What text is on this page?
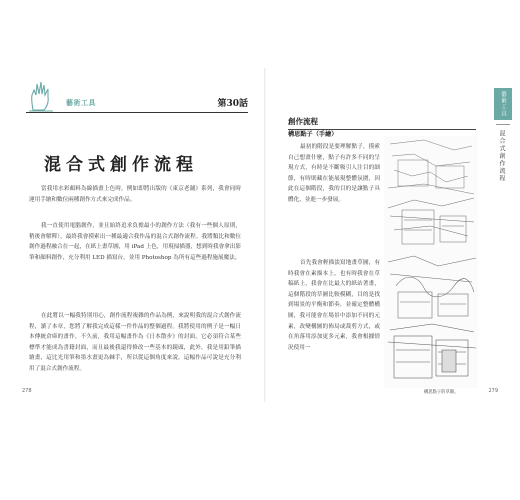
藝術工具	第30話
混合式創作流程
當我用水彩顏料為線描畫上色時，例如即將出版的《東京老舖》系列，我會同時運用手繪和數位兩種創作方式來完成作品。
我一直使用電腦創作，並且始終追求負擔最小的創作方法（我有一些個人原則，稍後會解釋），最終我會摸索出一種最適合我作品的混合式創作流程。我將類比和數位創作過程融合在一起，在紙上畫草圖，用 iPad 上色，用現掃描器，想到時我會拿出影筆和顏料創作，充分利用 LED 描寫台，並用 Photoshop 為所有這些過程施展魔法。
在此將以一幅我特別用心，創作流程複雜的作品為例，來說明我的混合式創作流程，讀了本章，您將了解我完成這樣一件作品的整個過程。我將使用的例子是一幅日本傳統倉庫的畫作，不久前，我用這幅畫作為《日本散步》的封面，它必須符合某些標準才能成為書籍封面，而且最後我還得修改一些基本的鏡頭，此外，我是用鉛筆描繪畫，這比光用筆和墨水畫更為棘手，所以從這個角度來說，這幅作品可說是充分利用了混合式創作流程。
278
創作流程
構思點子（手繪）
最初的階段是要理解點子，摸索自己想畫什麼，點子有許多不同的呈現方式，有時是不斷吸引人注目的細節，有時則藏在能展現整體氛圍，因此在這個階段，我的目的是讓點子具體化，並進一步發展。
首先我會輕描淡寫地畫草圖，有時我會在素描本上，也有時我會在草稿紙上，我會在比最大的紙站著畫，這個階段的草圖比較模糊，目的是找到場景的平衡和節奏，並確定整體構圖，我可能會在場景中添加不同的元素，改變構圖的佈局或裁剪方式，或在角落用添加更多元素，我會根據情況使用一
構思點子的草圖。
藝術工具
混合式創作流程
279
